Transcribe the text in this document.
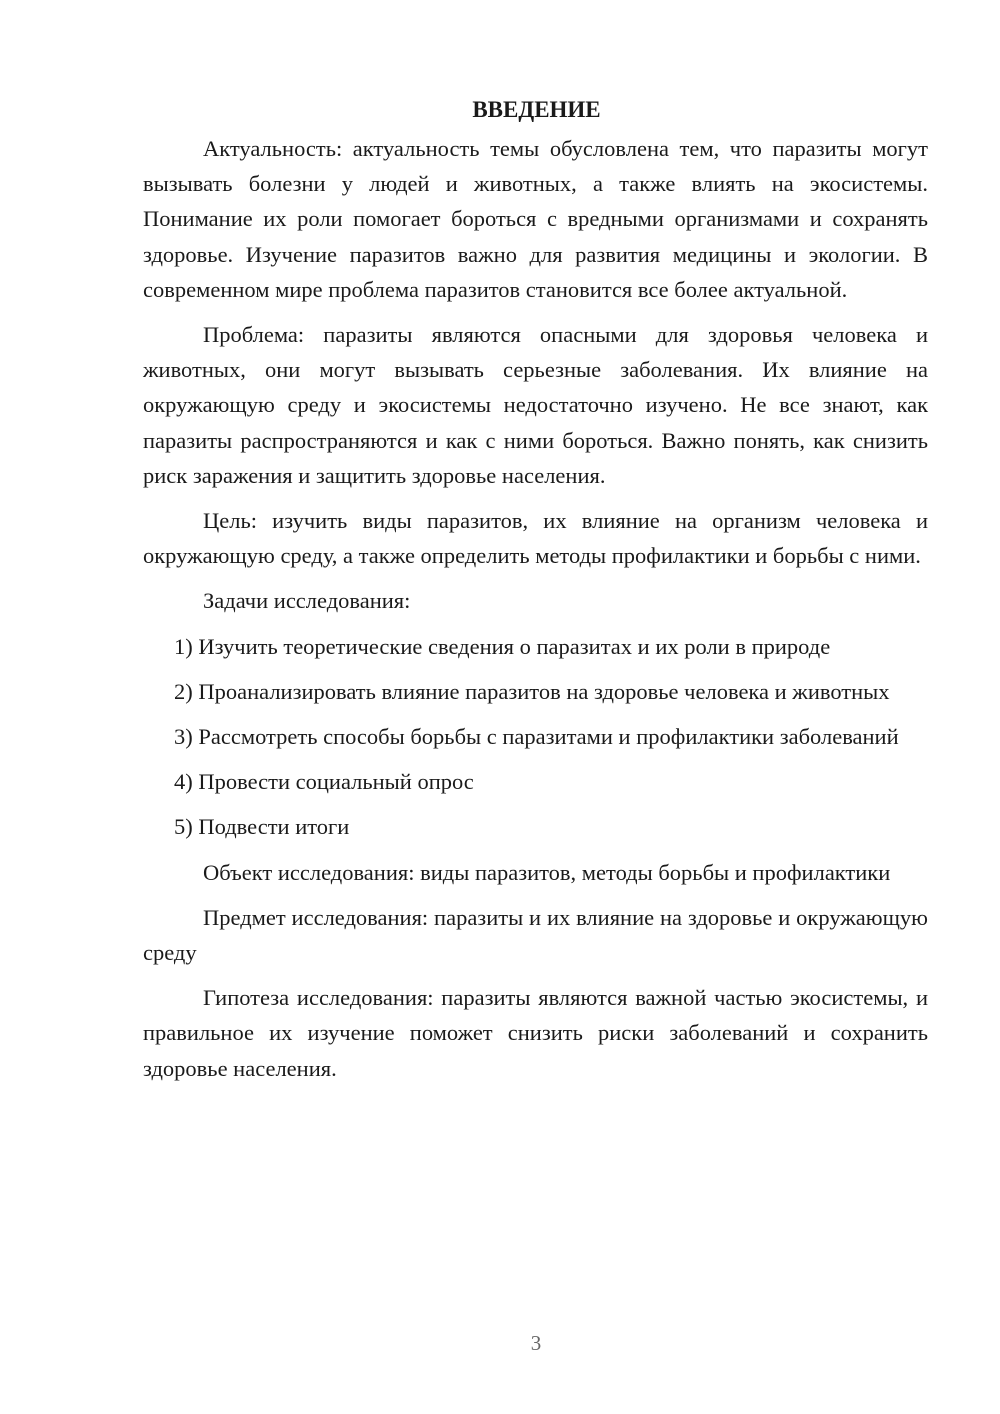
ВВЕДЕНИЕ

Актуальность: актуальность темы обусловлена тем, что паразиты могут вызывать болезни у людей и животных, а также влиять на экосистемы. Понимание их роли помогает бороться с вредными организмами и сохранять здоровье. Изучение паразитов важно для развития медицины и экологии. В современном мире проблема паразитов становится все более актуальной.

Проблема: паразиты являются опасными для здоровья человека и животных, они могут вызывать серьезные заболевания. Их влияние на окружающую среду и экосистемы недостаточно изучено. Не все знают, как паразиты распространяются и как с ними бороться. Важно понять, как снизить риск заражения и защитить здоровье населения.

Цель: изучить виды паразитов, их влияние на организм человека и окружающую среду, а также определить методы профилактики и борьбы с ними.

Задачи исследования:

1) Изучить теоретические сведения о паразитах и их роли в природе

2) Проанализировать влияние паразитов на здоровье человека и животных

3) Рассмотреть способы борьбы с паразитами и профилактики заболеваний

4) Провести социальный опрос

5) Подвести итоги

Объект исследования: виды паразитов, методы борьбы и профилактики

Предмет исследования: паразиты и их влияние на здоровье и окружающую среду

Гипотеза исследования: паразиты являются важной частью экосистемы, и правильное их изучение поможет снизить риски заболеваний и сохранить здоровье населения.

3
